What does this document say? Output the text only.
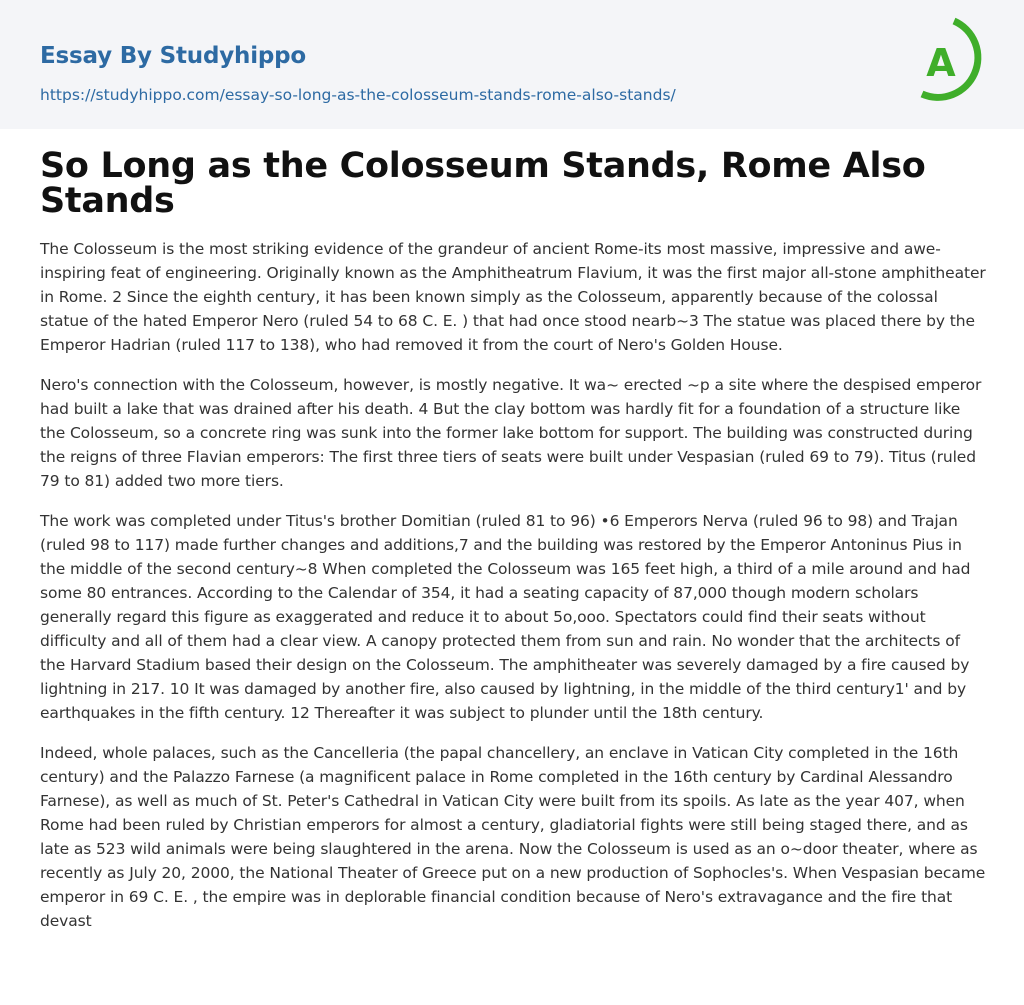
Essay By Studyhippo
https://studyhippo.com/essay-so-long-as-the-colosseum-stands-rome-also-stands/
A
So Long as the Colosseum Stands, Rome Also Stands

The Colosseum is the most striking evidence of the grandeur of ancient Rome-its most massive, impressive and awe-inspiring feat of engineering. Originally known as the Amphitheatrum Flavium, it was the first major all-stone amphitheater in Rome. 2 Since the eighth century, it has been known simply as the Colosseum, apparently because of the colossal statue of the hated Emperor Nero (ruled 54 to 68 C. E. ) that had once stood nearb~3 The statue was placed there by the Emperor Hadrian (ruled 117 to 138), who had removed it from the court of Nero's Golden House.

Nero's connection with the Colosseum, however, is mostly negative. It wa~ erected ~p a site where the despised emperor had built a lake that was drained after his death. 4 But the clay bottom was hardly fit for a foundation of a structure like the Colosseum, so a concrete ring was sunk into the former lake bottom for support. The building was constructed during the reigns of three Flavian emperors: The first three tiers of seats were built under Vespasian (ruled 69 to 79). Titus (ruled 79 to 81) added two more tiers.

The work was completed under Titus's brother Domitian (ruled 81 to 96) •6 Emperors Nerva (ruled 96 to 98) and Trajan (ruled 98 to 117) made further changes and additions,7 and the building was restored by the Emperor Antoninus Pius in the middle of the second century~8 When completed the Colosseum was 165 feet high, a third of a mile around and had some 80 entrances. According to the Calendar of 354, it had a seating capacity of 87,000 though modern scholars generally regard this figure as exaggerated and reduce it to about 5o,ooo. Spectators could find their seats without difficulty and all of them had a clear view. A canopy protected them from sun and rain. No wonder that the architects of the Harvard Stadium based their design on the Colosseum. The amphitheater was severely damaged by a fire caused by lightning in 217. 10 It was damaged by another fire, also caused by lightning, in the middle of the third century1' and by earthquakes in the fifth century. 12 Thereafter it was subject to plunder until the 18th century.

Indeed, whole palaces, such as the Cancelleria (the papal chancellery, an enclave in Vatican City completed in the 16th century) and the Palazzo Farnese (a magnificent palace in Rome completed in the 16th century by Cardinal Alessandro Farnese), as well as much of St. Peter's Cathedral in Vatican City were built from its spoils. As late as the year 407, when Rome had been ruled by Christian emperors for almost a century, gladiatorial fights were still being staged there, and as late as 523 wild animals were being slaughtered in the arena. Now the Colosseum is used as an o~door theater, where as recently as July 20, 2000, the National Theater of Greece put on a new production of Sophocles's. When Vespasian became emperor in 69 C. E. , the empire was in deplorable financial condition because of Nero's extravagance and the fire that devast
